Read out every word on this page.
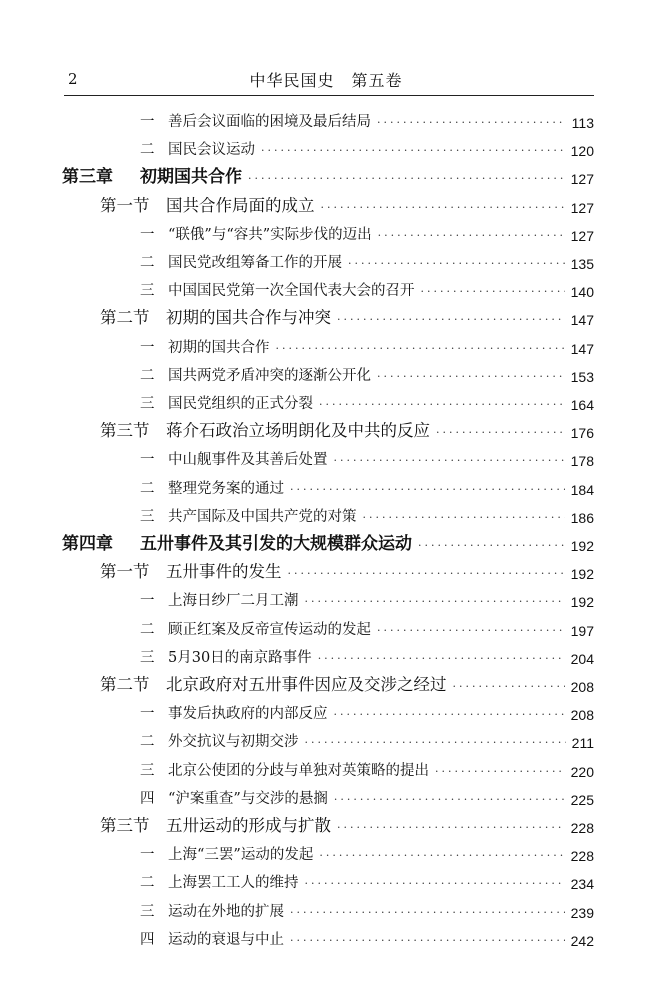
2	中华民国史　第五卷
一 善后会议面临的困境及最后结局 ·····	113
二 国民会议运动 ·····	120
第三章	初期国共合作 ·····	127
第一节	国共合作局面的成立 ·····	127
一 “联俄”与“容共”实际步伐的迈出 ·····	127
二 国民党改组筹备工作的开展 ·····	135
三 中国国民党第一次全国代表大会的召开 ·····	140
第二节	初期的国共合作与冲突 ·····	147
一 初期的国共合作 ·····	147
二 国共两党矛盾冲突的逐渐公开化 ·····	153
三 国民党组织的正式分裂 ·····	164
第三节	蒋介石政治立场明朗化及中共的反应 ·····	176
一 中山舰事件及其善后处置 ·····	178
二 整理党务案的通过 ·····	184
三 共产国际及中国共产党的对策 ·····	186
第四章	五卅事件及其引发的大规模群众运动 ·····	192
第一节	五卅事件的发生 ·····	192
一 上海日纱厂二月工潮 ·····	192
二 顾正红案及反帝宣传运动的发起 ·····	197
三 5月30日的南京路事件 ·····	204
第二节	北京政府对五卅事件因应及交涉之经过 ·····	208
一 事发后执政府的内部反应 ·····	208
二 外交抗议与初期交涉 ·····	211
三 北京公使团的分歧与单独对英策略的提出 ·····	220
四 “沪案重查”与交涉的悬搁 ·····	225
第三节	五卅运动的形成与扩散 ·····	228
一 上海“三罢”运动的发起 ·····	228
二 上海罢工工人的维持 ·····	234
三 运动在外地的扩展 ·····	239
四 运动的衰退与中止 ·····	242
